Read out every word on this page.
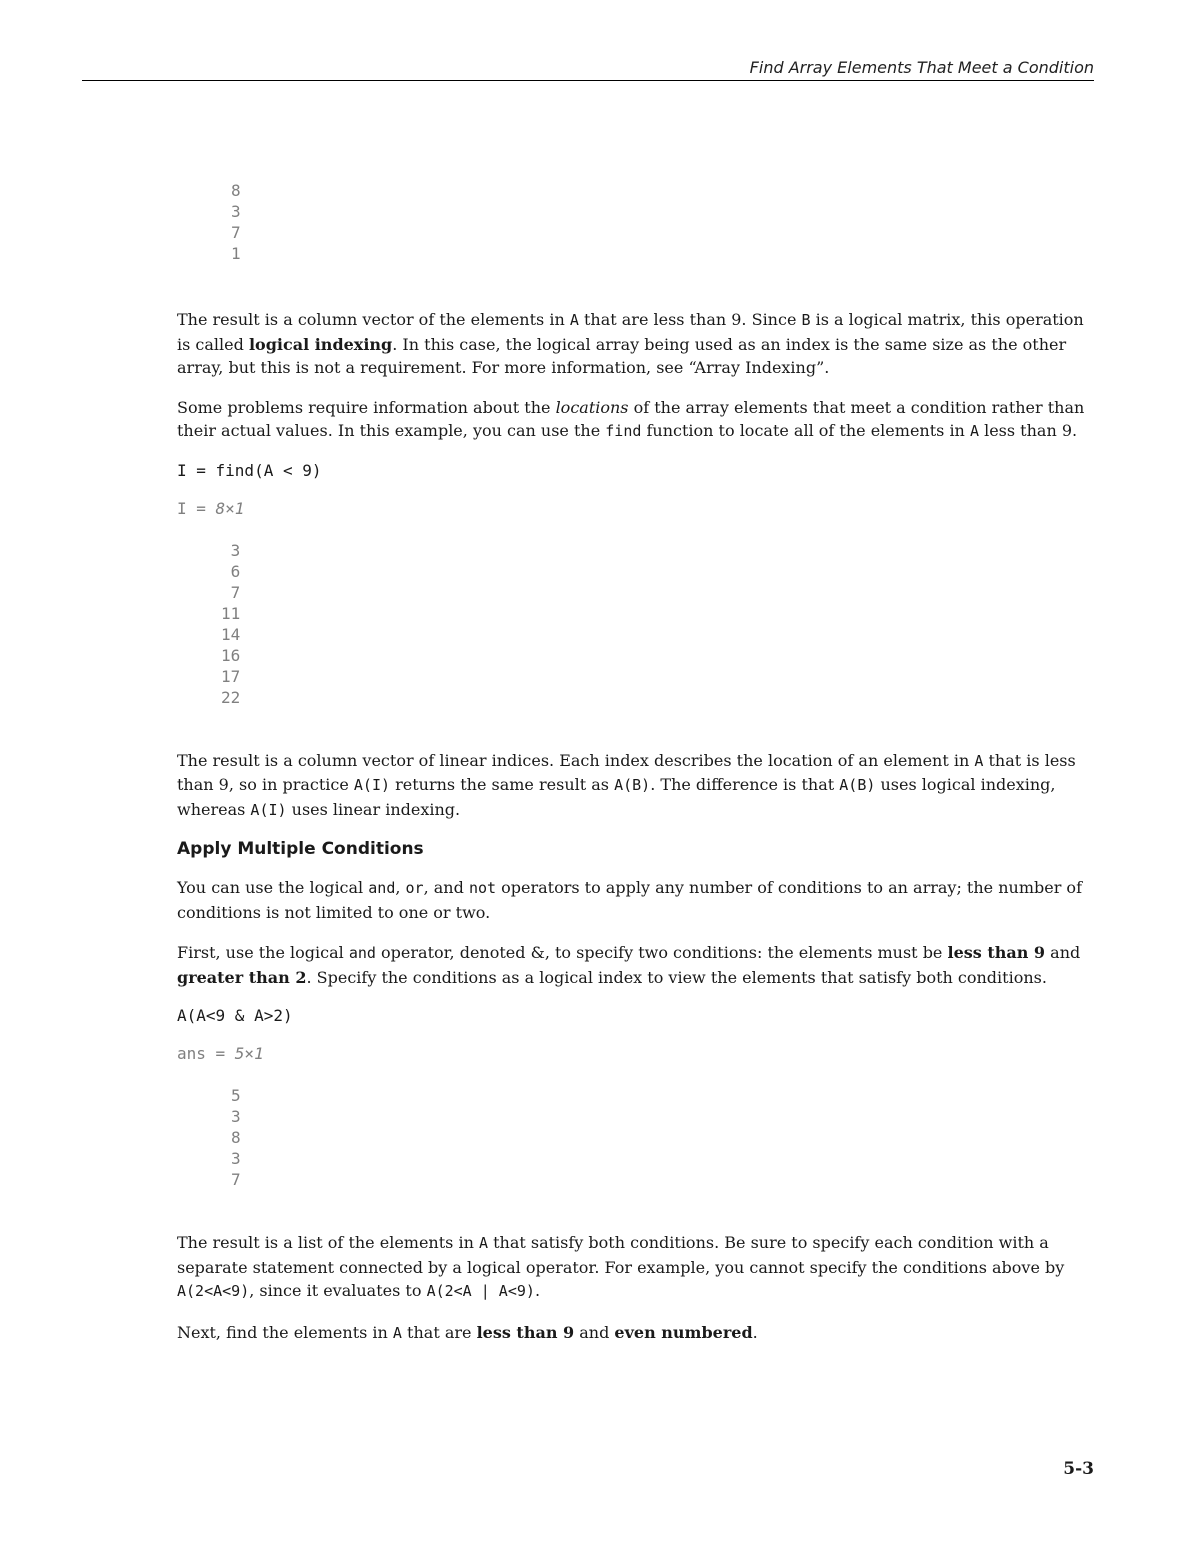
Find Array Elements That Meet a Condition
8
3
7
1

The result is a column vector of the elements in A that are less than 9. Since B is a logical matrix, this operation is called logical indexing. In this case, the logical array being used as an index is the same size as the other array, but this is not a requirement. For more information, see “Array Indexing”.

Some problems require information about the locations of the array elements that meet a condition rather than their actual values. In this example, you can use the find function to locate all of the elements in A less than 9.

I = find(A < 9)
I = 8×1
3
6
7
11
14
16
17
22

The result is a column vector of linear indices. Each index describes the location of an element in A that is less than 9, so in practice A(I) returns the same result as A(B). The difference is that A(B) uses logical indexing, whereas A(I) uses linear indexing.

Apply Multiple Conditions

You can use the logical and, or, and not operators to apply any number of conditions to an array; the number of conditions is not limited to one or two.

First, use the logical and operator, denoted &, to specify two conditions: the elements must be less than 9 and greater than 2. Specify the conditions as a logical index to view the elements that satisfy both conditions.

A(A<9 & A>2)
ans = 5×1
5
3
8
3
7

The result is a list of the elements in A that satisfy both conditions. Be sure to specify each condition with a separate statement connected by a logical operator. For example, you cannot specify the conditions above by A(2<A<9), since it evaluates to A(2<A | A<9).

Next, find the elements in A that are less than 9 and even numbered.

5-3
